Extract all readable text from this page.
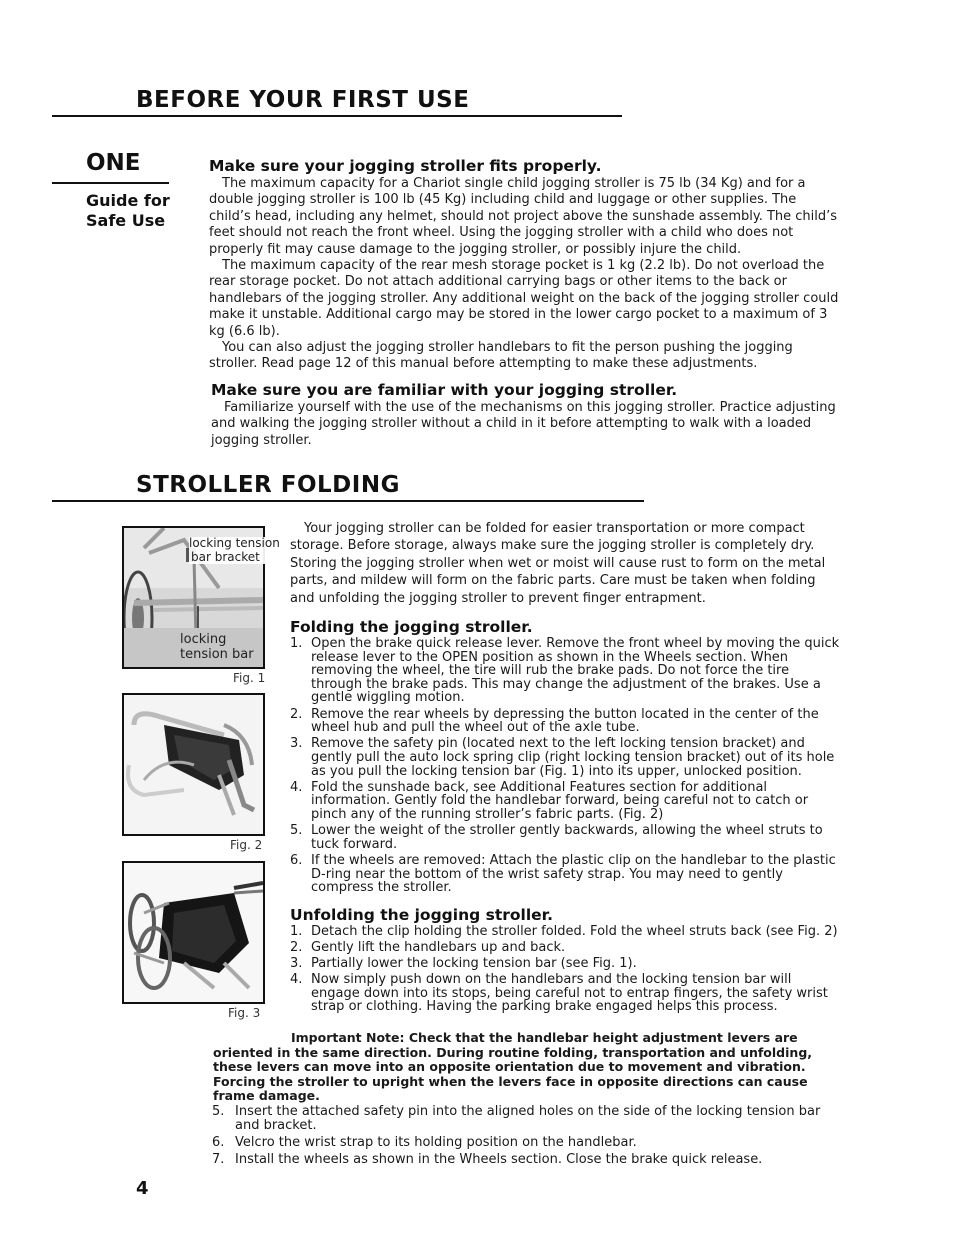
BEFORE YOUR FIRST USE
ONE
Guide for
Safe Use
Make sure your jogging stroller fits properly.

The maximum capacity for a Chariot single child jogging stroller is 75 lb (34 Kg) and for a double jogging stroller is 100 lb (45 Kg) including child and luggage or other supplies. The child’s head, including any helmet, should not project above the sunshade assembly. The child’s feet should not reach the front wheel. Using the jogging stroller with a child who does not properly fit may cause damage to the jogging stroller, or possibly injure the child.

The maximum capacity of the rear mesh storage pocket is 1 kg (2.2 lb). Do not overload the rear storage pocket. Do not attach additional carrying bags or other items to the back or handlebars of the jogging stroller. Any additional weight on the back of the jogging stroller could make it unstable. Additional cargo may be stored in the lower cargo pocket to a maximum of 3 kg (6.6 lb).

You can also adjust the jogging stroller handlebars to fit the person pushing the jogging stroller. Read page 12 of this manual before attempting to make these adjustments.

Make sure you are familiar with your jogging stroller.

Familiarize yourself with the use of the mechanisms on this jogging stroller. Practice adjusting and walking the jogging stroller without a child in it before attempting to walk with a loaded jogging stroller.

STROLLER FOLDING
locking tension
bar bracket
locking
tension bar
Fig. 1
Fig. 2
Fig. 3

Your jogging stroller can be folded for easier transportation or more compact storage. Before storage, always make sure the jogging stroller is completely dry. Storing the jogging stroller when wet or moist will cause rust to form on the metal parts, and mildew will form on the fabric parts. Care must be taken when folding and unfolding the jogging stroller to prevent finger entrapment.

Folding the jogging stroller.
1. Open the brake quick release lever. Remove the front wheel by moving the quick release lever to the OPEN position as shown in the Wheels section. When removing the wheel, the tire will rub the brake pads. Do not force the tire through the brake pads. This may change the adjustment of the brakes. Use a gentle wiggling motion.
2. Remove the rear wheels by depressing the button located in the center of the wheel hub and pull the wheel out of the axle tube.
3. Remove the safety pin (located next to the left locking tension bracket) and gently pull the auto lock spring clip (right locking tension bracket) out of its hole as you pull the locking tension bar (Fig. 1) into its upper, unlocked position.
4. Fold the sunshade back, see Additional Features section for additional information. Gently fold the handlebar forward, being careful not to catch or pinch any of the running stroller’s fabric parts. (Fig. 2)
5. Lower the weight of the stroller gently backwards, allowing the wheel struts to tuck forward.
6. If the wheels are removed: Attach the plastic clip on the handlebar to the plastic D-ring near the bottom of the wrist safety strap. You may need to gently compress the stroller.
Unfolding the jogging stroller.
1. Detach the clip holding the stroller folded. Fold the wheel struts back (see Fig. 2)
2. Gently lift the handlebars up and back.
3. Partially lower the locking tension bar (see Fig. 1).
4. Now simply push down on the handlebars and the locking tension bar will engage down into its stops, being careful not to entrap fingers, the safety wrist strap or clothing. Having the parking brake engaged helps this process.
Important Note: Check that the handlebar height adjustment levers are
oriented in the same direction. During routine folding, transportation and unfolding, these levers can move into an opposite orientation due to movement and vibration. Forcing the stroller to upright when the levers face in opposite directions can cause frame damage.
5. Insert the attached safety pin into the aligned holes on the side of the locking tension bar and bracket.
6. Velcro the wrist strap to its holding position on the handlebar.
7. Install the wheels as shown in the Wheels section. Close the brake quick release.
4
